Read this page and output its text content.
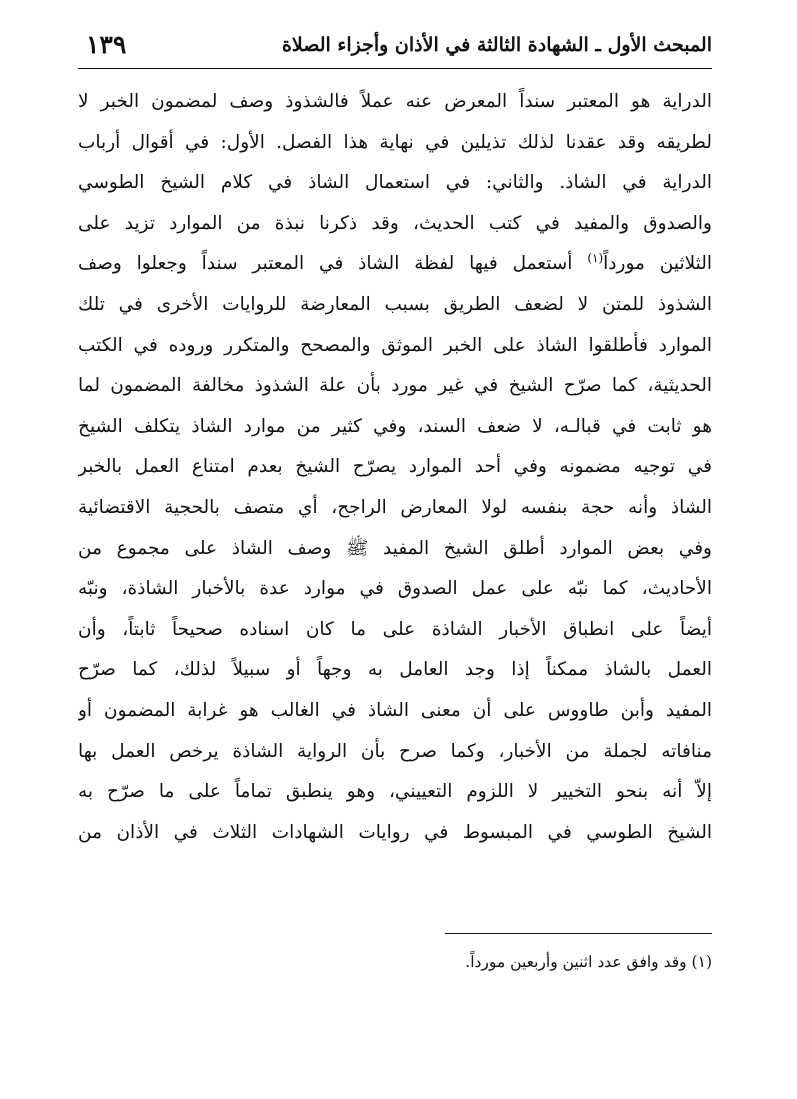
المبحث الأول ـ الشهادة الثالثة في الأذان وأجزاء الصلاة
١٣٩
الدراية هو المعتبر سنداً المعرض عنه عملاً فالشذوذ وصف لمضمون الخبر لا
لطريقه وقد عقدنا لذلك تذيلين في نهاية هذا الفصل. الأول: في أقوال أرباب
الدراية في الشاذ. والثاني: في استعمال الشاذ في كلام الشيخ الطوسي
والصدوق والمفيد في كتب الحديث، وقد ذكرنا نبذة من الموارد تزيد على
الثلاثين مورداً$^{(١)}$ أستعمل فيها لفظة الشاذ في المعتبر سنداً وجعلوا وصف
الشذوذ للمتن لا لضعف الطريق بسبب المعارضة للروايات الأخرى في تلك
الموارد فأطلقوا الشاذ على الخبر الموثق والمصحح والمتكرر وروده في الكتب
الحديثية، كما صرّح الشيخ في غير مورد بأن علة الشذوذ مخالفة المضمون لما
هو ثابت في قبالـه، لا ضعف السند، وفي كثير من موارد الشاذ يتكلف الشيخ
في توجيه مضمونه وفي أحد الموارد يصرّح الشيخ بعدم امتناع العمل بالخبر
الشاذ وأنه حجة بنفسه لولا المعارض الراجح، أي متصف بالحجية الاقتضائية
وفي بعض الموارد أطلق الشيخ المفيد ﷺ وصف الشاذ على مجموع من
الأحاديث، كما نبّه على عمل الصدوق في موارد عدة بالأخبار الشاذة، ونبّه
أيضاً على انطباق الأخبار الشاذة على ما كان اسناده صحيحاً ثابتاً، وأن
العمل بالشاذ ممكناً إذا وجد العامل به وجهاً أو سبيلاً لذلك، كما صرّح
المفيد وأبن طاووس على أن معنى الشاذ في الغالب هو غرابة المضمون أو
منافاته لجملة من الأخبار، وكما صرح بأن الرواية الشاذة يرخص العمل بها
إلاّ أنه بنحو التخيير لا اللزوم التعييني، وهو ينطبق تماماً على ما صرّح به
الشيخ الطوسي في المبسوط في روايات الشهادات الثلاث في الأذان من
(١) وقد وافق عدد اثنين وأربعين مورداً.
